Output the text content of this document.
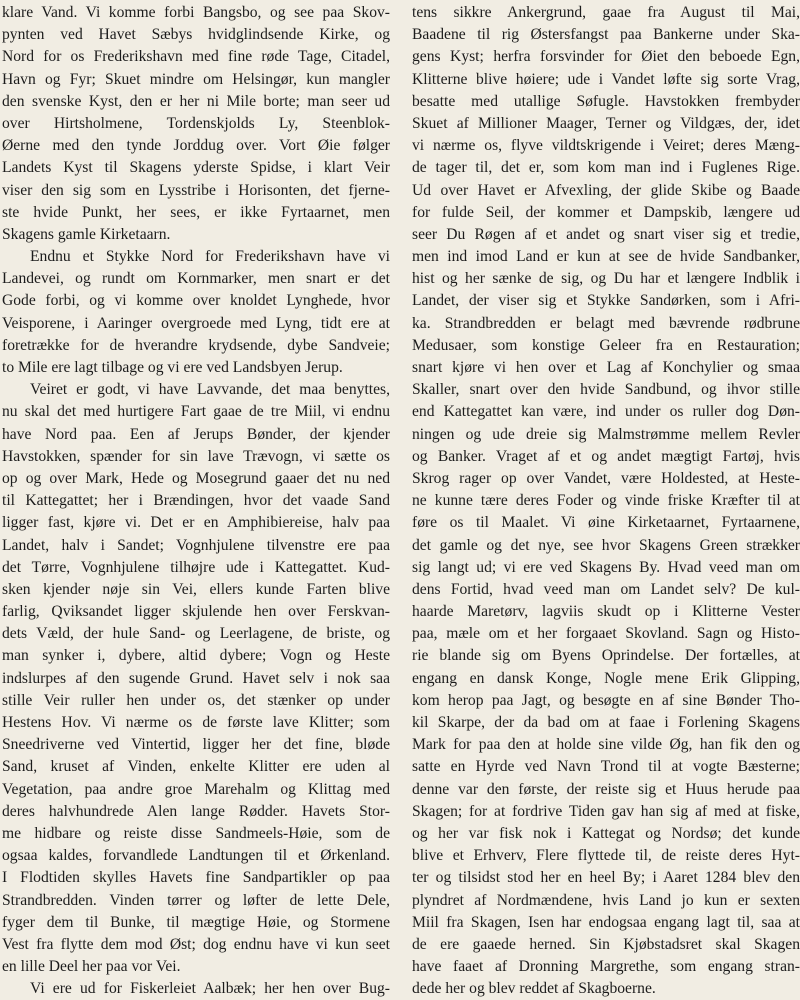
klare Vand. Vi komme forbi Bangsbo, og see paa Skov-
pynten ved Havet Sæbys hvidglindsende Kirke, og
Nord for os Frederikshavn med fine røde Tage, Citadel,
Havn og Fyr; Skuet mindre om Helsingør, kun mangler
den svenske Kyst, den er her ni Mile borte; man seer ud
over Hirtsholmene, Tordenskjolds Ly, Steenblok-
Øerne med den tynde Jorddug over. Vort Øie følger
Landets Kyst til Skagens yderste Spidse, i klart Veir
viser den sig som en Lysstribe i Horisonten, det fjerne-
ste hvide Punkt, her sees, er ikke Fyrtaarnet, men
Skagens gamle Kirketaarn.
Endnu et Stykke Nord for Frederikshavn have vi
Landevei, og rundt om Kornmarker, men snart er det
Gode forbi, og vi komme over knoldet Lynghede, hvor
Veisporene, i Aaringer overgroede med Lyng, tidt ere at
foretrække for de hverandre krydsende, dybe Sandveie;
to Mile ere lagt tilbage og vi ere ved Landsbyen Jerup.
Veiret er godt, vi have Lavvande, det maa benyttes,
nu skal det med hurtigere Fart gaae de tre Miil, vi endnu
have Nord paa. Een af Jerups Bønder, der kjender
Havstokken, spænder for sin lave Trævogn, vi sætte os
op og over Mark, Hede og Mosegrund gaaer det nu ned
til Kattegattet; her i Brændingen, hvor det vaade Sand
ligger fast, kjøre vi. Det er en Amphibiereise, halv paa
Landet, halv i Sandet; Vognhjulene tilvenstre ere paa
det Tørre, Vognhjulene tilhøjre ude i Kattegattet. Kud-
sken kjender nøje sin Vei, ellers kunde Farten blive
farlig, Qviksandet ligger skjulende hen over Ferskvan-
dets Væld, der hule Sand- og Leerlagene, de briste, og
man synker i, dybere, altid dybere; Vogn og Heste
indslurpes af den sugende Grund. Havet selv i nok saa
stille Veir ruller hen under os, det stænker op under
Hestens Hov. Vi nærme os de første lave Klitter; som
Sneedriverne ved Vintertid, ligger her det fine, bløde
Sand, kruset af Vinden, enkelte Klitter ere uden al
Vegetation, paa andre groe Marehalm og Klittag med
deres halvhundrede Alen lange Rødder. Havets Stor-
me hidbare og reiste disse Sandmeels-Høie, som de
ogsaa kaldes, forvandlede Landtungen til et Ørkenland.
I Flodtiden skylles Havets fine Sandpartikler op paa
Strandbredden. Vinden tørrer og løfter de lette Dele,
fyger dem til Bunke, til mægtige Høie, og Stormene
Vest fra flytte dem mod Øst; dog endnu have vi kun seet
en lille Deel her paa vor Vei.
Vi ere ud for Fiskerleiet Aalbæk; her hen over Bug-
tens sikkre Ankergrund, gaae fra August til Mai,
Baadene til rig Østersfangst paa Bankerne under Ska-
gens Kyst; herfra forsvinder for Øiet den beboede Egn,
Klitterne blive høiere; ude i Vandet løfte sig sorte Vrag,
besatte med utallige Søfugle. Havstokken frembyder
Skuet af Millioner Maager, Terner og Vildgæs, der, idet
vi nærme os, flyve vildtskrigende i Veiret; deres Mæng-
de tager til, det er, som kom man ind i Fuglenes Rige.
Ud over Havet er Afvexling, der glide Skibe og Baade
for fulde Seil, der kommer et Dampskib, længere ud
seer Du Røgen af et andet og snart viser sig et tredie,
men ind imod Land er kun at see de hvide Sandbanker,
hist og her sænke de sig, og Du har et længere Indblik i
Landet, der viser sig et Stykke Sandørken, som i Afri-
ka. Strandbredden er belagt med bævrende rødbrune
Medusaer, som konstige Geleer fra en Restauration;
snart kjøre vi hen over et Lag af Konchylier og smaa
Skaller, snart over den hvide Sandbund, og ihvor stille
end Kattegattet kan være, ind under os ruller dog Døn-
ningen og ude dreie sig Malmstrømme mellem Revler
og Banker. Vraget af et og andet mægtigt Fartøj, hvis
Skrog rager op over Vandet, være Holdested, at Heste-
ne kunne tære deres Foder og vinde friske Kræfter til at
føre os til Maalet. Vi øine Kirketaarnet, Fyrtaarnene,
det gamle og det nye, see hvor Skagens Green strækker
sig langt ud; vi ere ved Skagens By. Hvad veed man om
dens Fortid, hvad veed man om Landet selv? De kul-
haarde Maretørv, lagviis skudt op i Klitterne Vester
paa, mæle om et her forgaaet Skovland. Sagn og Histo-
rie blande sig om Byens Oprindelse. Der fortælles, at
engang en dansk Konge, Nogle mene Erik Glipping,
kom herop paa Jagt, og besøgte en af sine Bønder Tho-
kil Skarpe, der da bad om at faae i Forlening Skagens
Mark for paa den at holde sine vilde Øg, han fik den og
satte en Hyrde ved Navn Trond til at vogte Bæsterne;
denne var den første, der reiste sig et Huus herude paa
Skagen; for at fordrive Tiden gav han sig af med at fiske,
og her var fisk nok i Kattegat og Nordsø; det kunde
blive et Erhverv, Flere flyttede til, de reiste deres Hyt-
ter og tilsidst stod her en heel By; i Aaret 1284 blev den
plyndret af Nordmændene, hvis Land jo kun er sexten
Miil fra Skagen, Isen har endogsaa engang lagt til, saa at
de ere gaaede herned. Sin Kjøbstadsret skal Skagen
have faaet af Dronning Margrethe, som engang stran-
dede her og blev reddet af Skagboerne.
